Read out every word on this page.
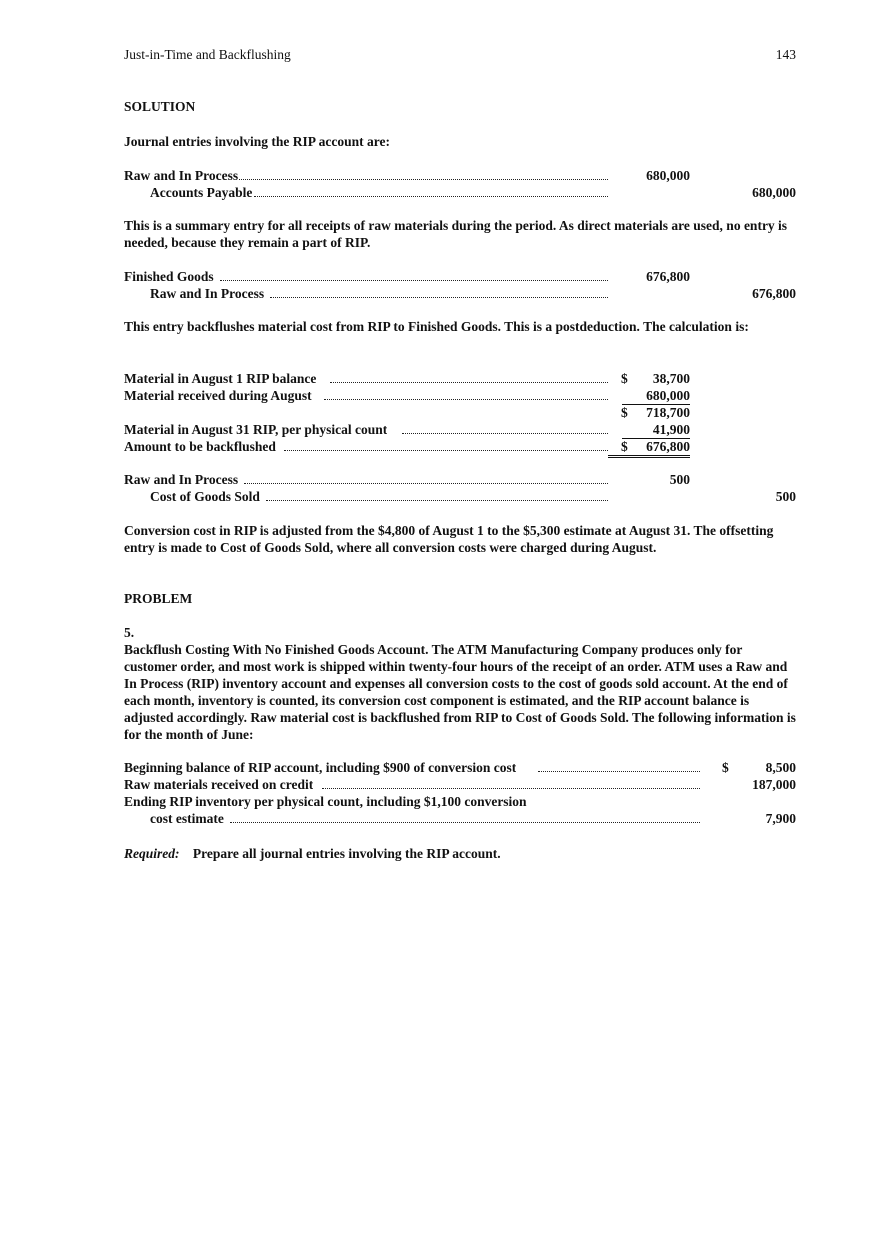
Just-in-Time and Backflushing	143
SOLUTION
Journal entries involving the RIP account are:
Raw and In Process	680,000
Accounts Payable	680,000
This is a summary entry for all receipts of raw materials during the period. As direct materials are used, no entry is needed, because they remain a part of RIP.
Finished Goods	676,800
Raw and In Process	676,800
This entry backflushes material cost from RIP to Finished Goods. This is a postdeduction. The calculation is:
Material in August 1 RIP balance	$ 38,700
Material received during August	680,000
$ 718,700
Material in August 31 RIP, per physical count	41,900
Amount to be backflushed	$	676,800
Raw and In Process	500
Cost of Goods Sold	500
Conversion cost in RIP is adjusted from the $4,800 of August 1 to the $5,300 estimate at August 31. The offsetting entry is made to Cost of Goods Sold, where all conversion costs were charged during August.
PROBLEM
5.
Backflush Costing With No Finished Goods Account. The ATM Manufacturing Company produces only for customer order, and most work is shipped within twenty-four hours of the receipt of an order. ATM uses a Raw and In Process (RIP) inventory account and expenses all conversion costs to the cost of goods sold account. At the end of each month, inventory is counted, its conversion cost component is estimated, and the RIP account balance is adjusted accordingly. Raw material cost is backflushed from RIP to Cost of Goods Sold. The following information is for the month of June:
Beginning balance of RIP account, including $900 of conversion cost	$	8,500
Raw materials received on credit	187,000
Ending RIP inventory per physical count, including $1,100 conversion
cost estimate	7,900
Required: Prepare all journal entries involving the RIP account.
